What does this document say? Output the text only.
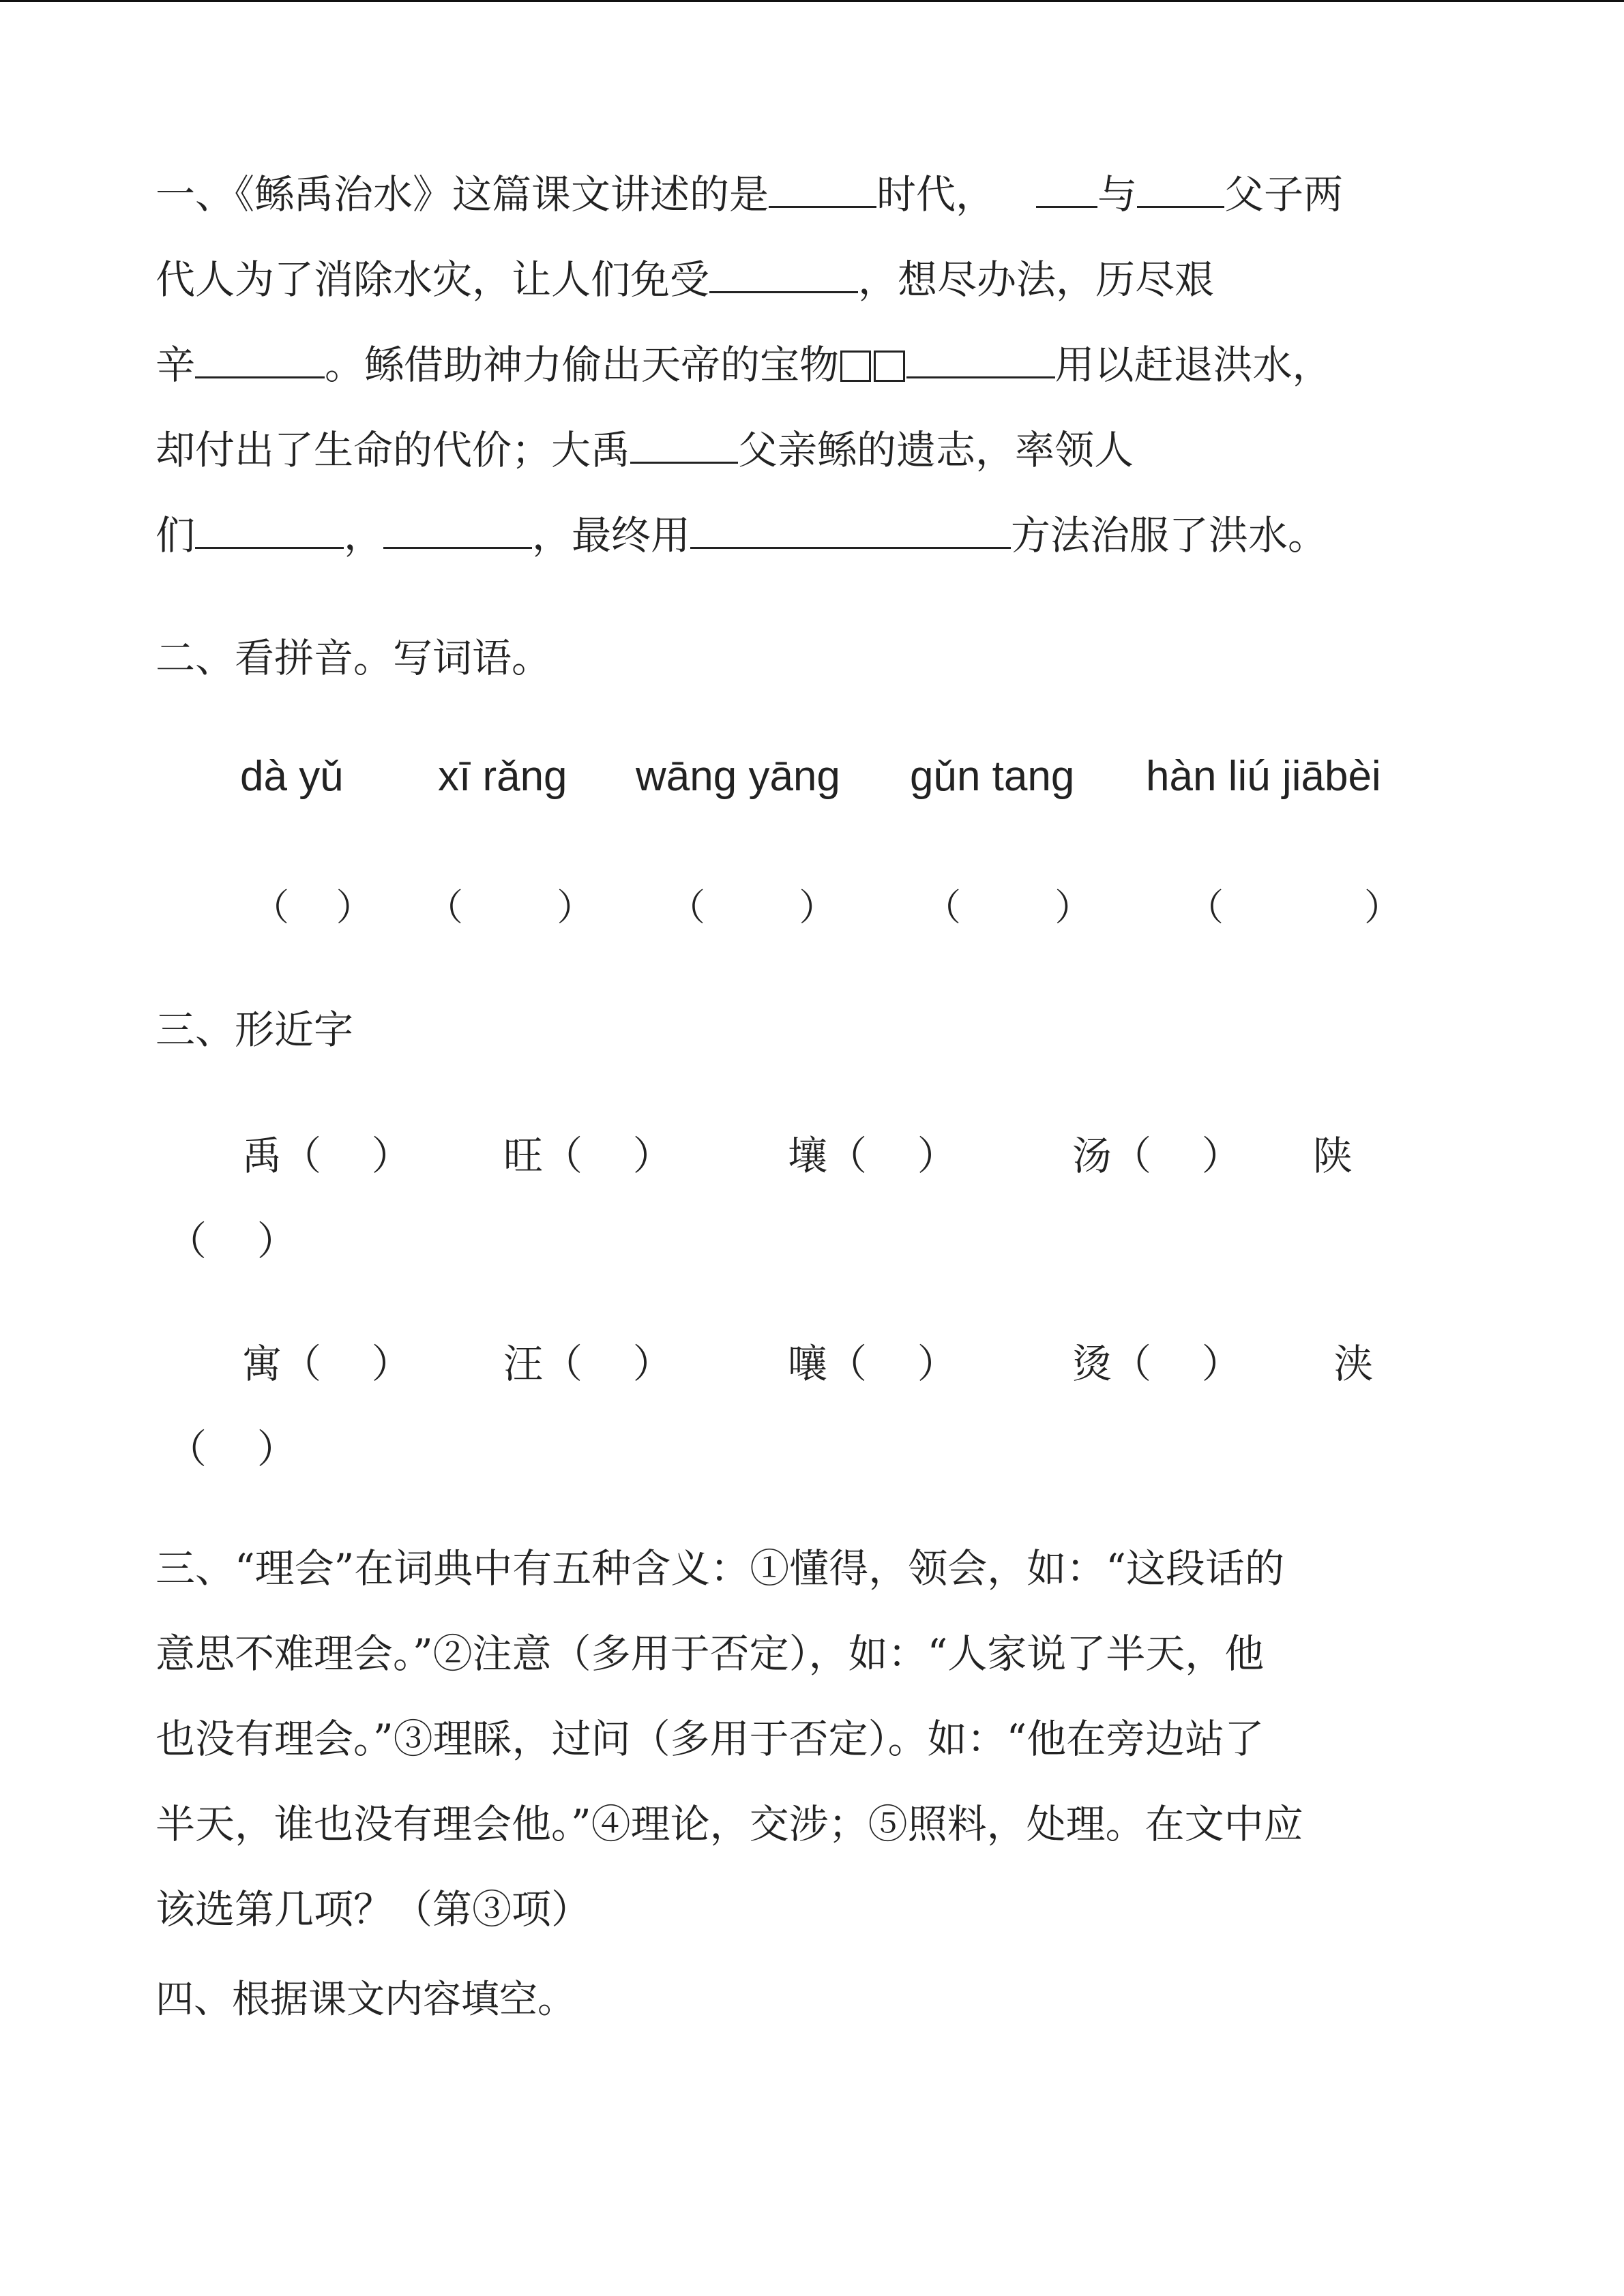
一、《鲧禹治水》这篇课文讲述的是	时代，	与 父子两
代人为了消除水灾，让人们免受	，想尽办法，历尽艰
辛	。鲧借助神力偷出天帝的宝物	用以赶退洪水，
却付出了生命的代价；大禹	父亲鲧的遗志，率领人
们	，	，最终用	方法治服了洪水。
二、看拼音。写词语。
dà yǔ xī rǎng wāng yāng gǔn tang hàn liú jiābèi
（    ） （        ） （        ） （        ）	（            ）
三、形近字
禹（    ） 旺（    ）	壤（    ）	汤（    ） 陕
（    ）
寓（    ） 汪（    ）	嚷（    ）	烫（    ） 浃
（    ）
三、“理会”在词典中有五种含义：①懂得，领会，如：“这段话的
意思不难理会。”②注意（多用于否定），如：“人家说了半天，他
也没有理会。”③理睬，过问（多用于否定）。如：“他在旁边站了
半天，谁也没有理会他。”④理论，交涉；⑤照料，处理。在文中应
该选第几项？（第③项）
四、根据课文内容填空。
